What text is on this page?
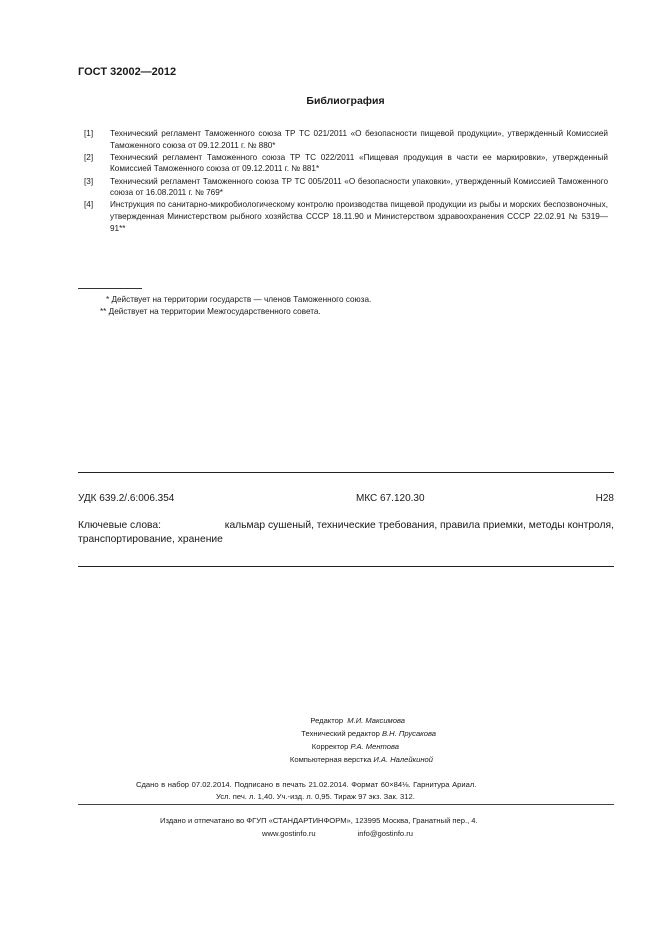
ГОСТ 32002—2012
Библиография
[1]	Технический регламент Таможенного союза ТР ТС 021/2011 «О безопасности пищевой продукции», утвержденный Комиссией Таможенного союза от 09.12.2011 г. № 880*
[2]	Технический регламент Таможенного союза ТР ТС 022/2011 «Пищевая продукция в части ее маркировки», утвержденный Комиссией Таможенного союза от 09.12.2011 г. № 881*
[3]	Технический регламент Таможенного союза ТР ТС 005/2011 «О безопасности упаковки», утвержденный Комиссией Таможенного союза от 16.08.2011 г. № 769*
[4]	Инструкция по санитарно-микробиологическому контролю производства пищевой продукции из рыбы и морских беспозвоночных, утвержденная Министерством рыбного хозяйства СССР 18.11.90 и Министерством здравоохранения СССР 22.02.91 № 5319—91**
* Действует на территории государств — членов Таможенного союза.
** Действует на территории Межгосударственного совета.
УДК 639.2/.6:006.354	МКС 67.120.30	Н28
Ключевые слова:	кальмар сушеный, технические требования, правила приемки, методы контроля,
транспортирование, хранение
Редактор М.И. Максимова
Технический редактор В.Н. Прусакова
Корректор Р.А. Ментова
Компьютерная верстка И.А. Налейкиной
Сдано в набор 07.02.2014. Подписано в печать 21.02.2014. Формат 60×84⅛. Гарнитура Ариал.
Усл. печ. л. 1,40. Уч.-изд. л. 0,95. Тираж 97 экз. Зак. 312.
Издано и отпечатано во ФГУП «СТАНДАРТИНФОРМ», 123995 Москва, Гранатный пер., 4.
www.gostinfo.ru	info@gostinfo.ru
